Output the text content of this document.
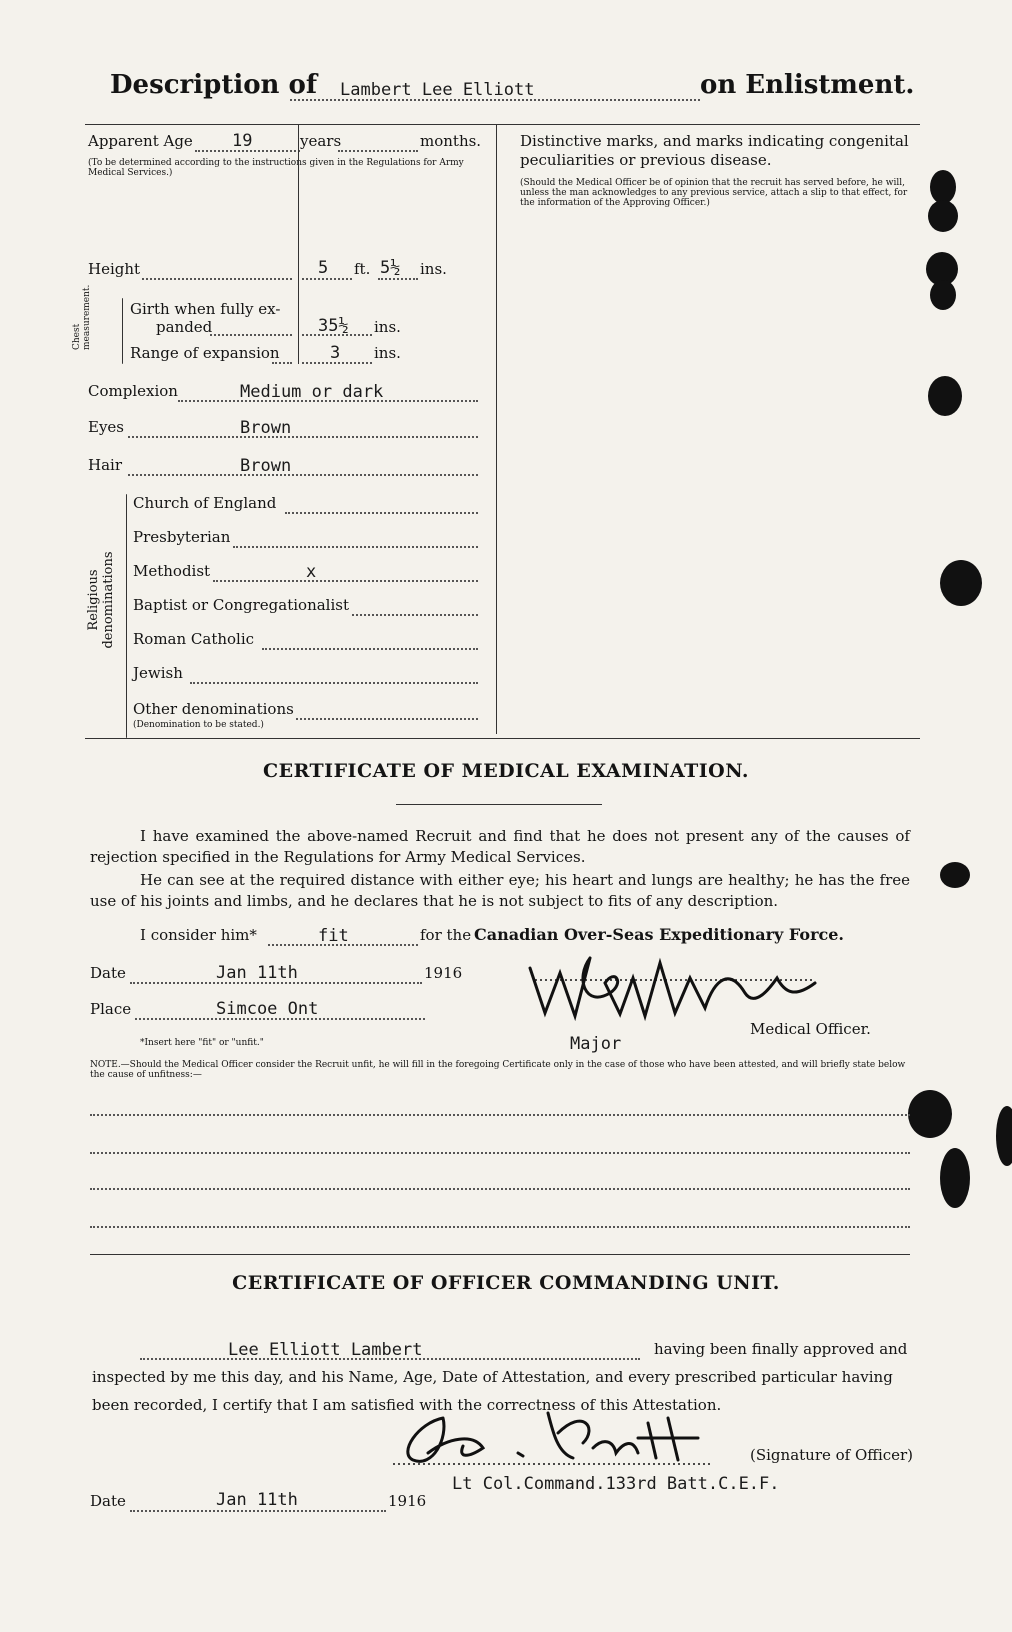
Description of Lambert Lee Elliott	on Enlistment.
Apparent Age 19	years	months.
(To be determined according to the instructions given in the Regulations for Army Medical Services.)
Height	5 ft. 5½ ins.
Chest measurement.	Girth when fully ex-
panded	35½ ins.
Range of expansion	3 ins.
Complexion	Medium or dark
Eyes	Brown
Hair	Brown
Religious denominations
Church of England
Presbyterian
Methodist	x
Baptist or Congregationalist
Roman Catholic
Jewish
Other denominations
(Denomination to be stated.)
Distinctive marks, and marks indicating congenital peculiarities or previous disease.
(Should the Medical Officer be of opinion that the recruit has served before, he will, unless the man acknowledges to any previous service, attach a slip to that effect, for the information of the Approving Officer.)
CERTIFICATE OF MEDICAL EXAMINATION.
I have examined the above-named Recruit and find that he does not present any of the causes of rejection specified in the Regulations for Army Medical Services.
He can see at the required distance with either eye; his heart and lungs are healthy; he has the free use of his joints and limbs, and he declares that he is not subject to fits of any description.
I consider him*	fit	for the Canadian Over-Seas Expeditionary Force.
Date	Jan 11th	1916
Place	Simcoe Ont
Major
Medical Officer.
*Insert here "fit" or "unfit."
NOTE.—Should the Medical Officer consider the Recruit unfit, he will fill in the foregoing Certificate only in the case of those who have been attested, and will briefly state below the cause of unfitness:—
CERTIFICATE OF OFFICER COMMANDING UNIT.
Lee Elliott Lambert	having been finally approved and
inspected by me this day, and his Name, Age, Date of Attestation, and every prescribed particular having
been recorded, I certify that I am satisfied with the correctness of this Attestation.
(Signature of Officer)
Lt Col.Command.133rd Batt.C.E.F.
Date	Jan 11th	1916
